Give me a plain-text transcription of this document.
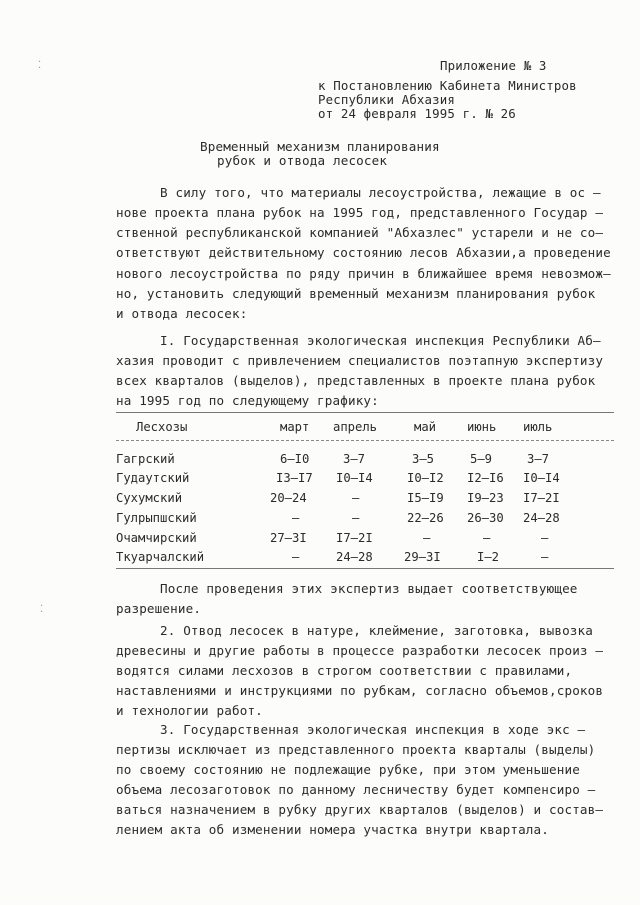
⁚
⁚
Приложение № 3
к Постановлению Кабинета Министров
Республики Абхазия
от 24 февраля 1995 г. № 26
Временный механизм планирования
рубок и отвода лесосек
В силу того, что материалы лесоустройства, лежащие в ос –
нове проекта плана рубок на 1995 год, представленного Государ –
ственной республиканской компанией "Абхазлес" устарели и не со–
ответствуют действительному состоянию лесов Абхазии,а проведение
нового лесоустройства по ряду причин в ближайшее время невозмож–
но, установить следующий временный механизм планирования рубок
и отвода лесосек:
I. Государственная экологическая инспекция Республики Аб–
хазия проводит с привлечением специалистов поэтапную экспертизу
всех кварталов (выделов), представленных в проекте плана рубок
на 1995 год по следующему графику:
Лесхозы	март апрель	май	июнь июль
Гагрский	6–I0	3–7	3–5	5–9	3–7
Гудаутский	I3–I7 I0–I4	I0–I2 I2–I6 I0–I4
Сухумский	20–24	–	I5–I9 I9–23 I7–2I
Гулрыпшский	–	–	22–26 26–30 24–28
Очамчирский	27–3I I7–2I	–	–	–
Ткуарчалский	–	24–28	29–3I	I–2	–
После проведения этих экспертиз выдает соответствующее
разрешение.
2. Отвод лесосек в натуре, клеймение, заготовка, вывозка
древесины и другие работы в процессе разработки лесосек произ –
водятся силами лесхозов в строгом соответствии с правилами,
наставлениями и инструкциями по рубкам, согласно объемов,сроков
и технологии работ.
3. Государственная экологическая инспекция в ходе экс –
пертизы исключает из представленного проекта кварталы (выделы)
по своему состоянию не подлежащие рубке, при этом уменьшение
объема лесозаготовок по данному лесничеству будет компенсиро –
ваться назначением в рубку других кварталов (выделов) и состав–
лением акта об изменении номера участка внутри квартала.
